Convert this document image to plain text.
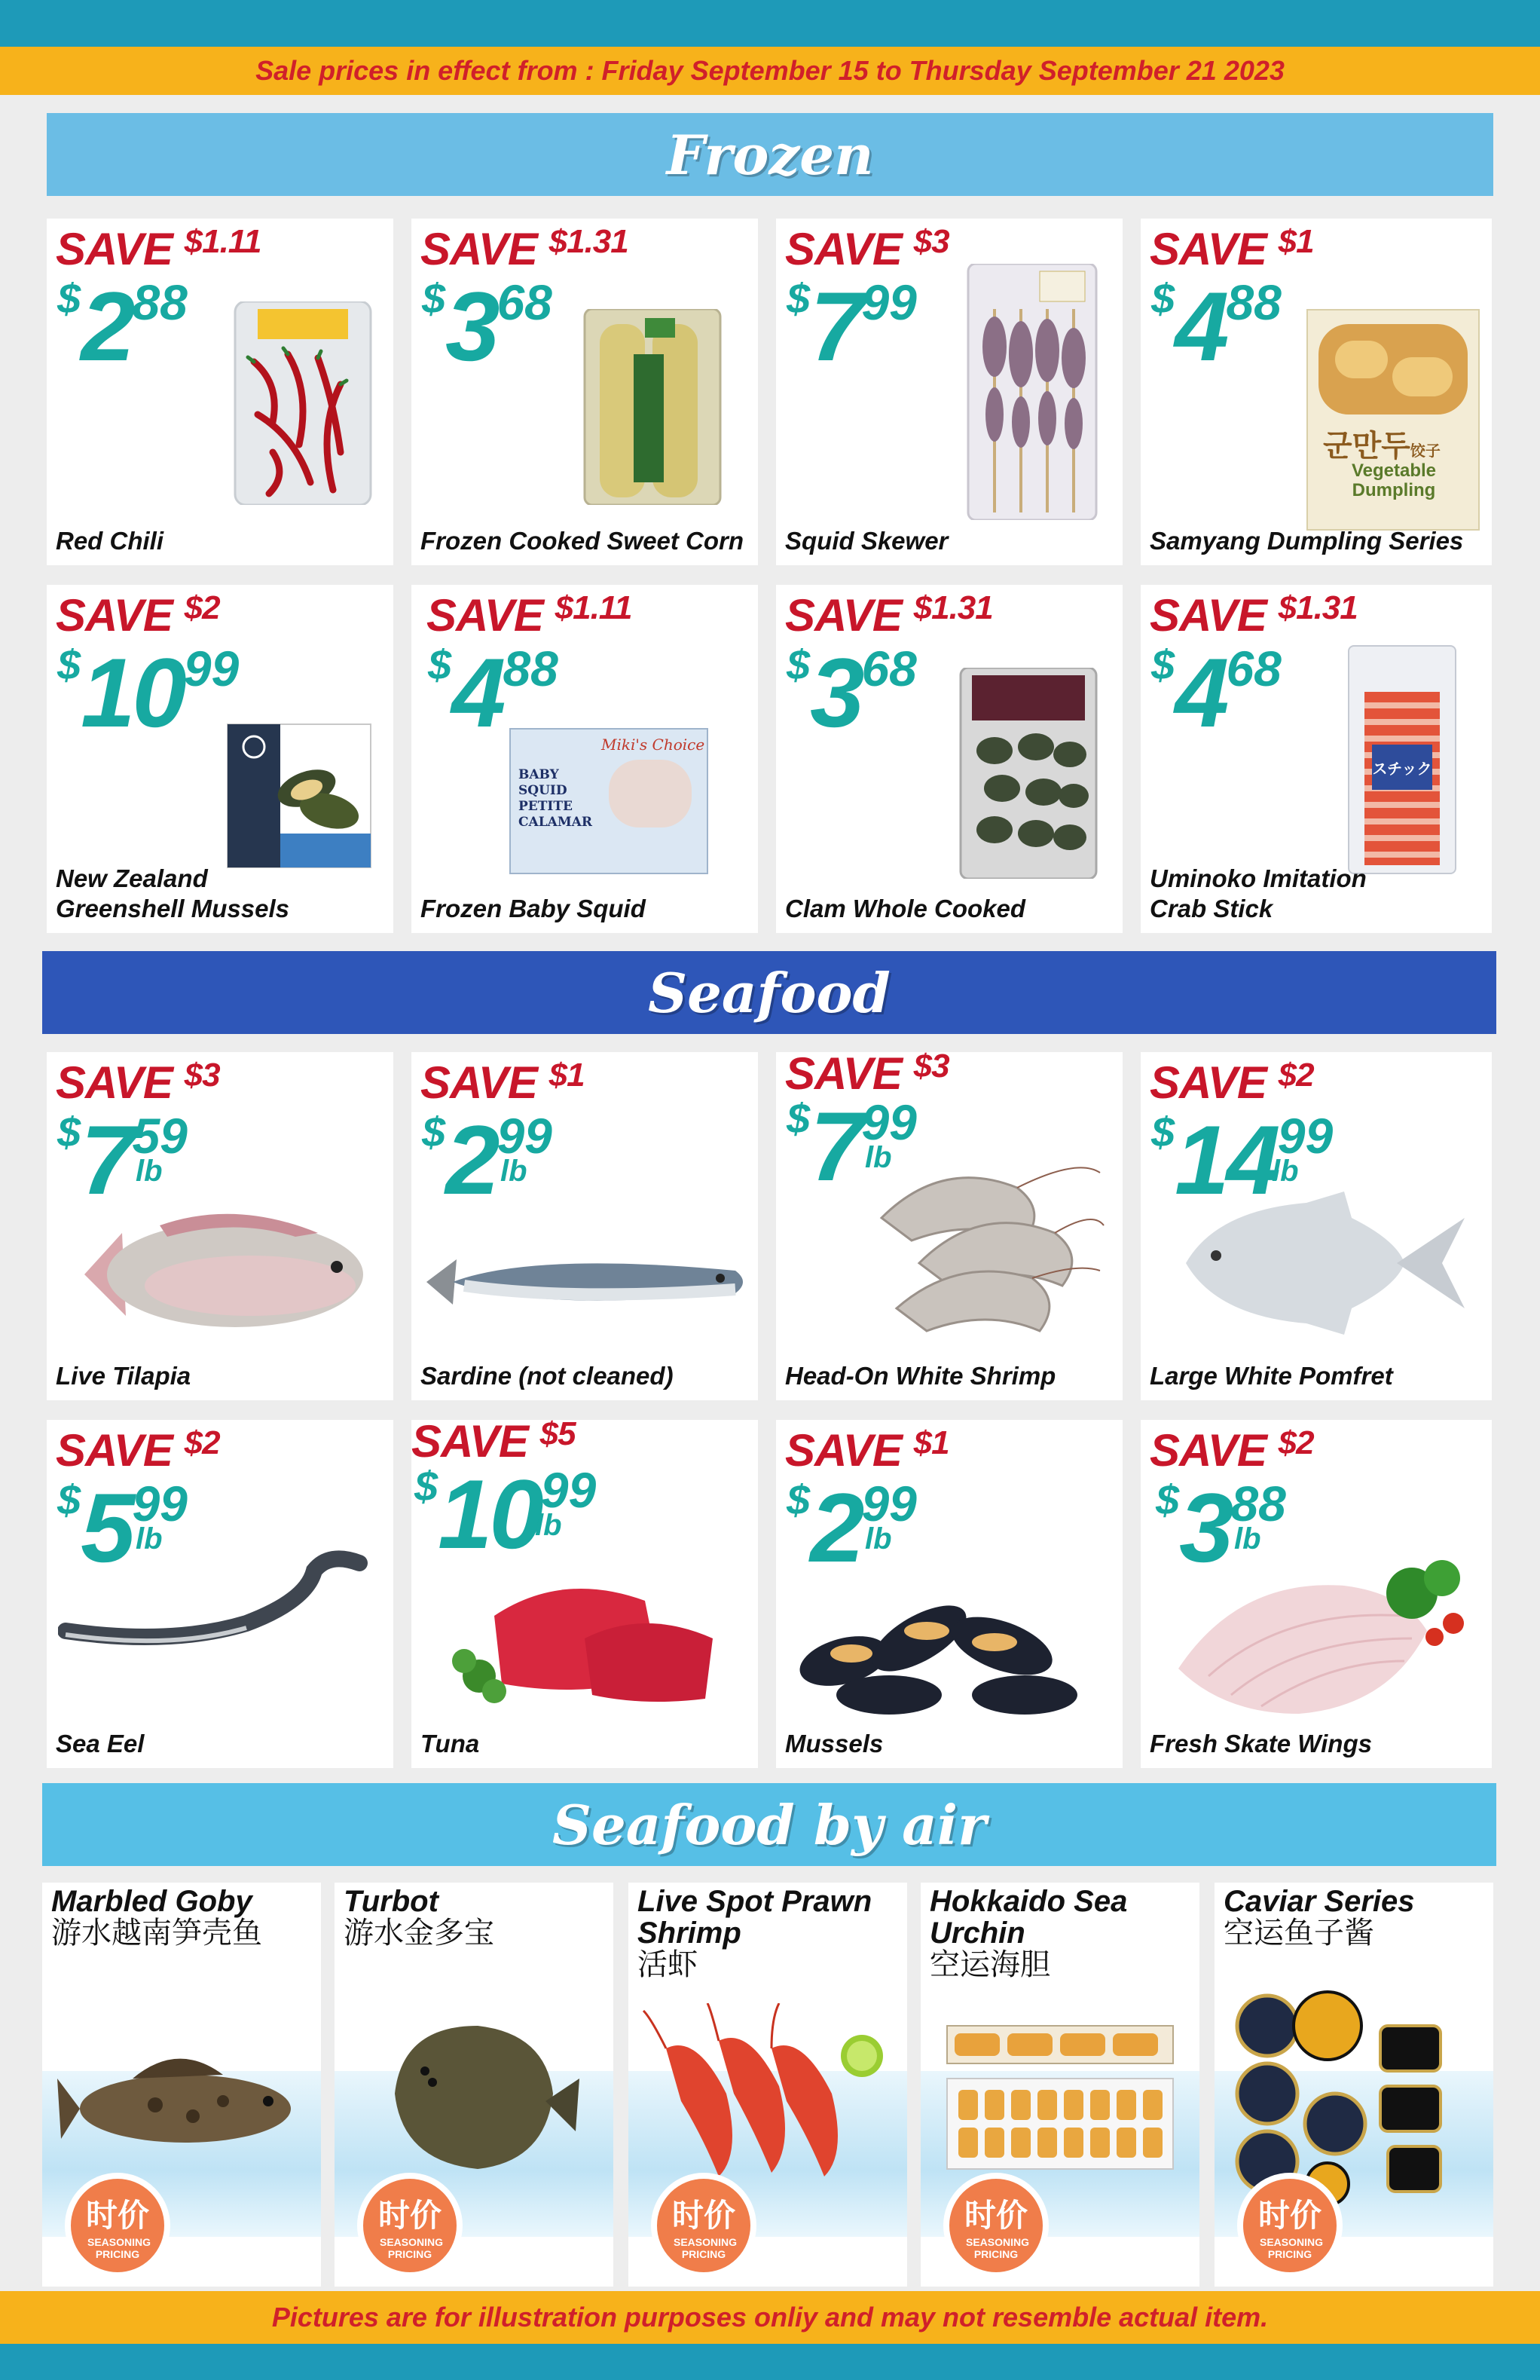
Sale prices in effect from : Friday September 15 to Thursday September 21 2023
Frozen
SAVE $^{\$1.11}$
$288
Red Chili
SAVE $^{\$1.31}$
$368
Frozen Cooked Sweet Corn
SAVE $^{\$3}$
$799
Squid Skewer
SAVE $^{\$1}$
$488
군만두饺子
Vegetable Dumpling
Samyang Dumpling Series
SAVE $^{\$2}$
$1099
New Zealand Greenshell Mussels
SAVE $^{\$1.11}$
$488
Miki's Choice
BABY SQUID PETITE CALAMAR
Frozen Baby Squid
SAVE $^{\$1.31}$
$368
Clam Whole Cooked
SAVE $^{\$1.31}$
$468
スチック
Uminoko Imitation Crab Stick
Seafood
SAVE $^{\$3}$
$759
lb
Live Tilapia
SAVE $^{\$1}$
$299
lb
Sardine (not cleaned)
SAVE $^{\$3}$
$799
lb
Head-On White Shrimp
SAVE $^{\$2}$
$1499
lb
Large White Pomfret
SAVE $^{\$2}$
$599
lb
Sea Eel
SAVE $^{\$5}$
$1099
lb
Tuna
SAVE $^{\$1}$
$299
lb
Mussels
SAVE $^{\$2}$
$388
lb
Fresh Skate Wings
Seafood by air
Marbled Goby
游水越南笋壳鱼
时价
SEASONING PRICING
Turbot
游水金多宝
时价
SEASONING PRICING
Live Spot Prawn Shrimp
活虾
时价
SEASONING PRICING
Hokkaido Sea Urchin
空运海胆
时价
SEASONING PRICING
Caviar Series
空运鱼子酱
时价
SEASONING PRICING
Pictures are for illustration purposes onliy and may not resemble actual item.
